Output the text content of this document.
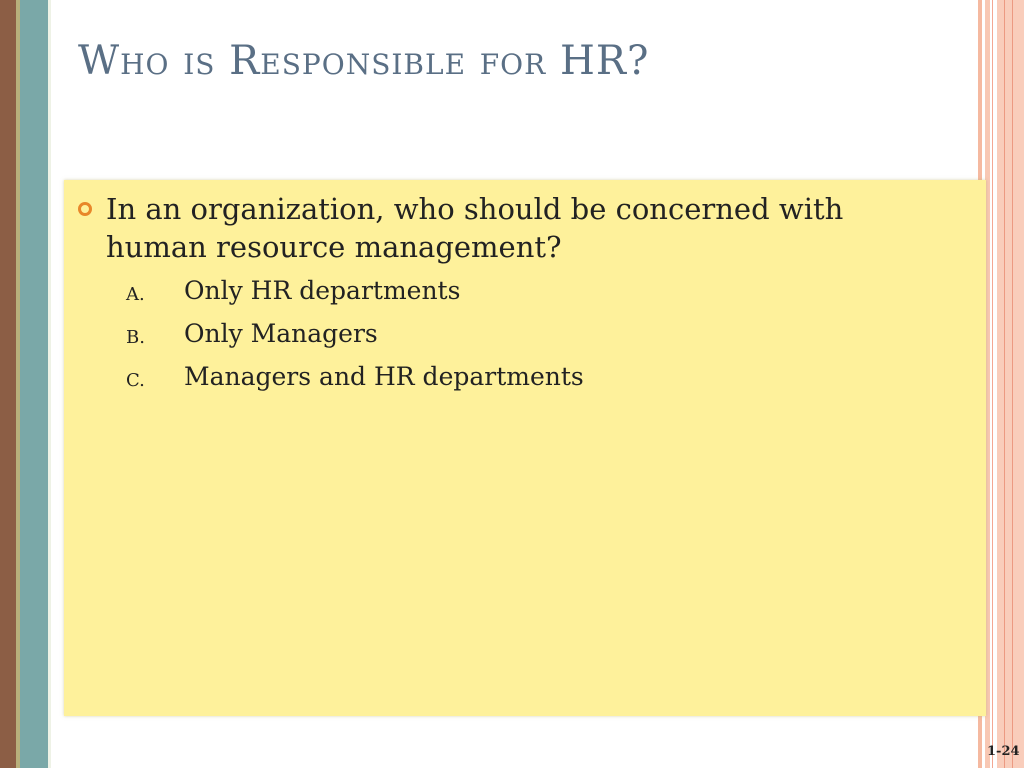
Who is Responsible for HR?
In an organization, who should be concerned with human resource management?
A. Only HR departments
B. Only Managers
C. Managers and HR departments
1-24
